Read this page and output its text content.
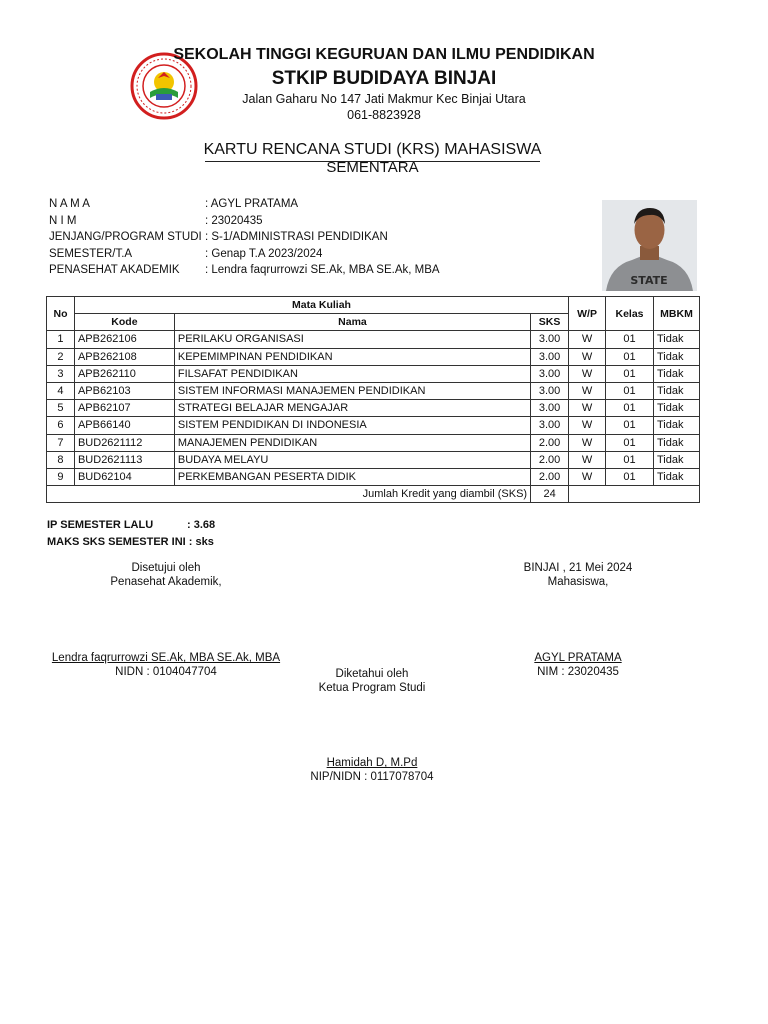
SEKOLAH TINGGI KEGURUAN DAN ILMU PENDIDIKAN
STKIP BUDIDAYA BINJAI
Jalan Gaharu No 147 Jati Makmur Kec Binjai Utara
061-8823928
KARTU RENCANA STUDI (KRS) MAHASISWA
SEMENTARA
N A M A	: AGYL PRATAMA
N I M	: 23020435
JENJANG/PROGRAM STUDI : S-1/ADMINISTRASI PENDIDIKAN
SEMESTER/T.A	: Genap T.A 2023/2024
PENASEHAT AKADEMIK	: Lendra faqrurrowzi SE.Ak, MBA SE.Ak, MBA
STATE
No	Mata Kuliah			W/P	Kelas	MBKM
	Kode	Nama	SKS			
1	APB262106	PERILAKU ORGANISASI	3.00	W	01	Tidak
2	APB262108	KEPEMIMPINAN PENDIDIKAN	3.00	W	01	Tidak
3	APB262110	FILSAFAT PENDIDIKAN	3.00	W	01	Tidak
4	APB62103	SISTEM INFORMASI MANAJEMEN PENDIDIKAN	3.00	W	01	Tidak
5	APB62107	STRATEGI BELAJAR MENGAJAR	3.00	W	01	Tidak
6	APB66140	SISTEM PENDIDIKAN DI INDONESIA	3.00	W	01	Tidak
7	BUD2621112	MANAJEMEN PENDIDIKAN	2.00	W	01	Tidak
8	BUD2621113	BUDAYA MELAYU	2.00	W	01	Tidak
9	BUD62104	PERKEMBANGAN PESERTA DIDIK	2.00	W	01	Tidak
Jumlah Kredit yang diambil (SKS)			24			
IP SEMESTER LALU	: 3.68
MAKS SKS SEMESTER INI : sks
Disetujui oleh
Penasehat Akademik,
Lendra faqrurrowzi SE.Ak, MBA SE.Ak, MBA
NIDN : 0104047704
BINJAI , 21 Mei 2024
Mahasiswa,
AGYL PRATAMA
NIM : 23020435
Diketahui oleh
Ketua Program Studi
Hamidah D, M.Pd
NIP/NIDN : 0117078704
